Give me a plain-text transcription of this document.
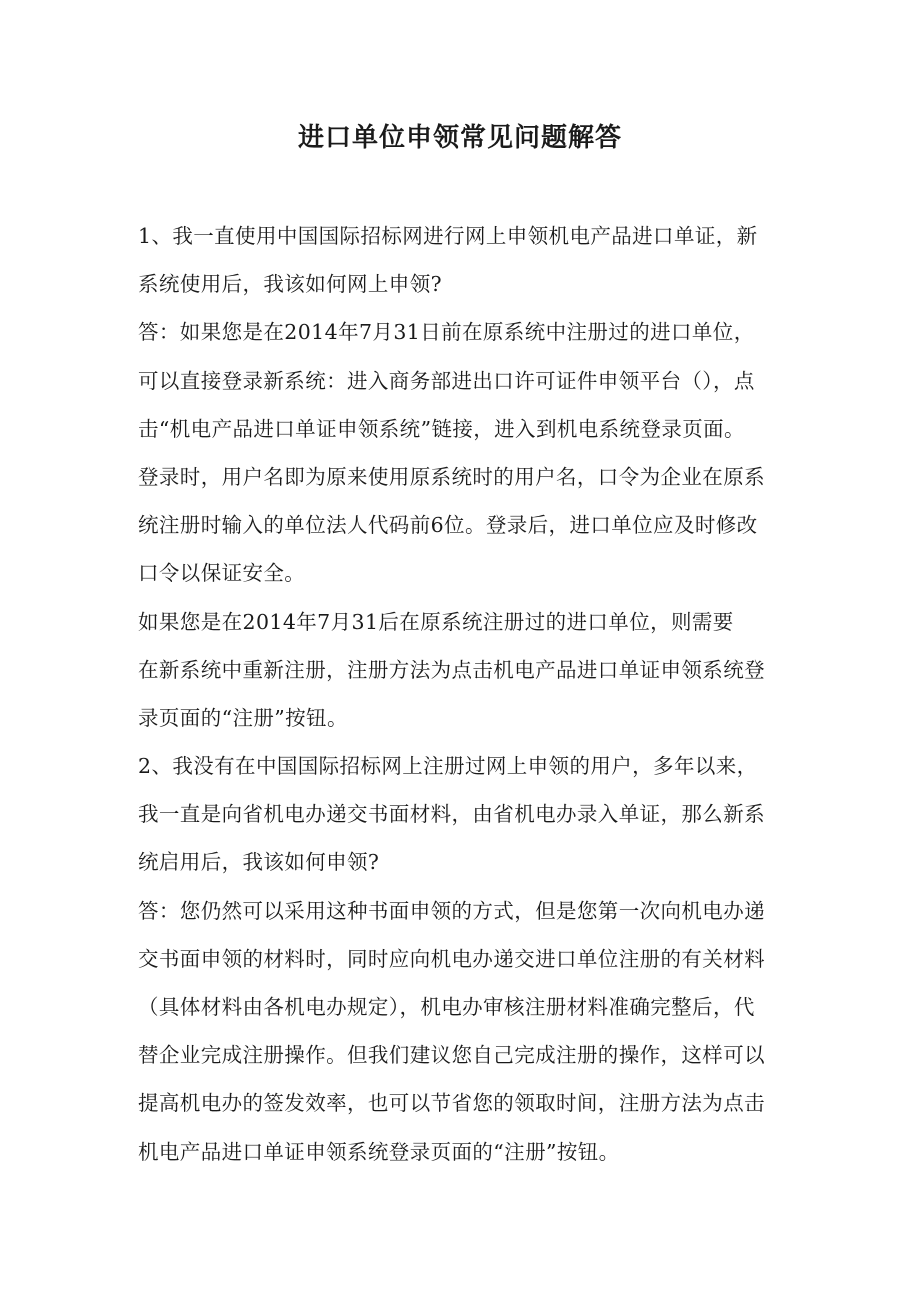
进口单位申领常见问题解答
1、我一直使用中国国际招标网进行网上申领机电产品进口单证，新
系统使用后，我该如何网上申领?
答：如果您是在2014年7月31日前在原系统中注册过的进口单位，
可以直接登录新系统：进入商务部进出口许可证件申领平台（），点
击“机电产品进口单证申领系统”链接，进入到机电系统登录页面。
登录时，用户名即为原来使用原系统时的用户名，口令为企业在原系
统注册时输入的单位法人代码前6位。登录后，进口单位应及时修改
口令以保证安全。
如果您是在2014年7月31后在原系统注册过的进口单位，则需要
在新系统中重新注册，注册方法为点击机电产品进口单证申领系统登
录页面的“注册”按钮。
2、我没有在中国国际招标网上注册过网上申领的用户，多年以来，
我一直是向省机电办递交书面材料，由省机电办录入单证，那么新系
统启用后，我该如何申领?
答：您仍然可以采用这种书面申领的方式，但是您第一次向机电办递
交书面申领的材料时，同时应向机电办递交进口单位注册的有关材料
（具体材料由各机电办规定），机电办审核注册材料准确完整后，代
替企业完成注册操作。但我们建议您自己完成注册的操作，这样可以
提高机电办的签发效率，也可以节省您的领取时间，注册方法为点击
机电产品进口单证申领系统登录页面的“注册”按钮。
